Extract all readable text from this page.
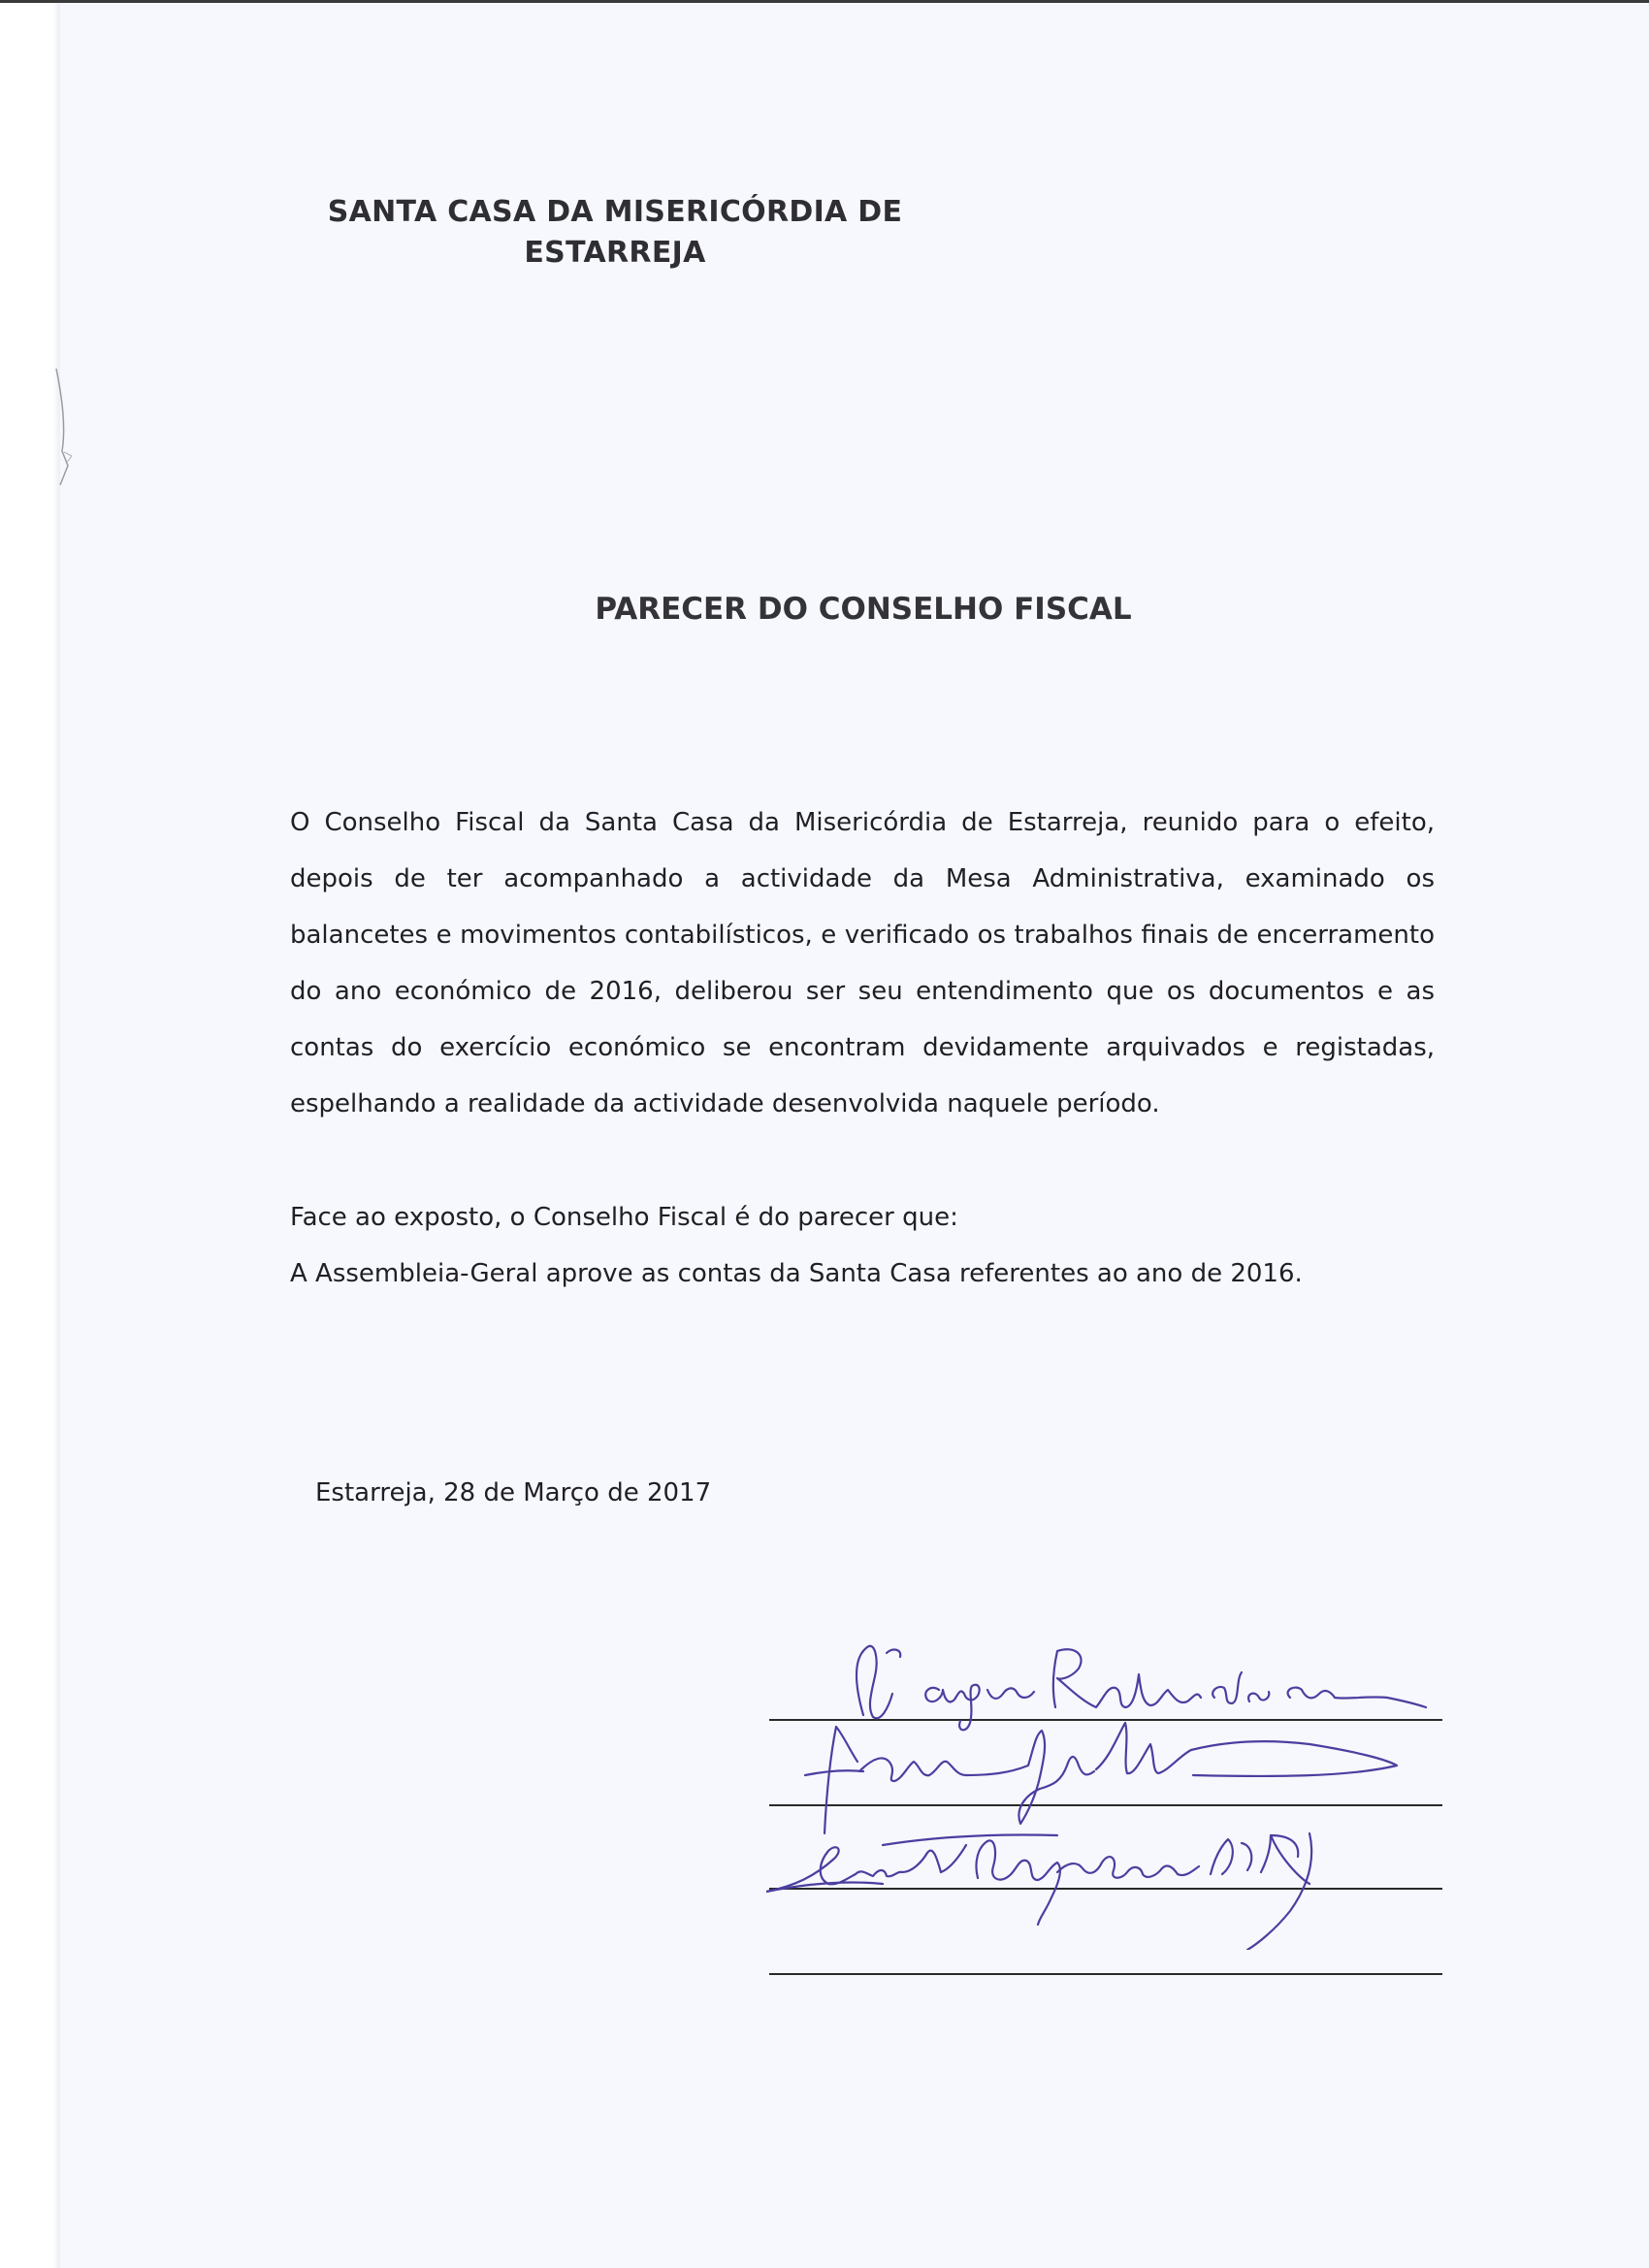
SANTA CASA DA MISERICÓRDIA DE
ESTARREJA
PARECER DO CONSELHO FISCAL

O Conselho Fiscal da Santa Casa da Misericórdia de Estarreja, reunido para o efeito, depois de ter acompanhado a actividade da Mesa Administrativa, examinado os balancetes e movimentos contabilísticos, e verificado os trabalhos finais de encerramento do ano económico de 2016, deliberou ser seu entendimento que os documentos e as contas do exercício económico se encontram devidamente arquivados e registadas, espelhando a realidade da actividade desenvolvida naquele período.

Face ao exposto, o Conselho Fiscal é do parecer que:

A Assembleia-Geral aprove as contas da Santa Casa referentes ao ano de 2016.

Estarreja, 28 de Março de 2017
